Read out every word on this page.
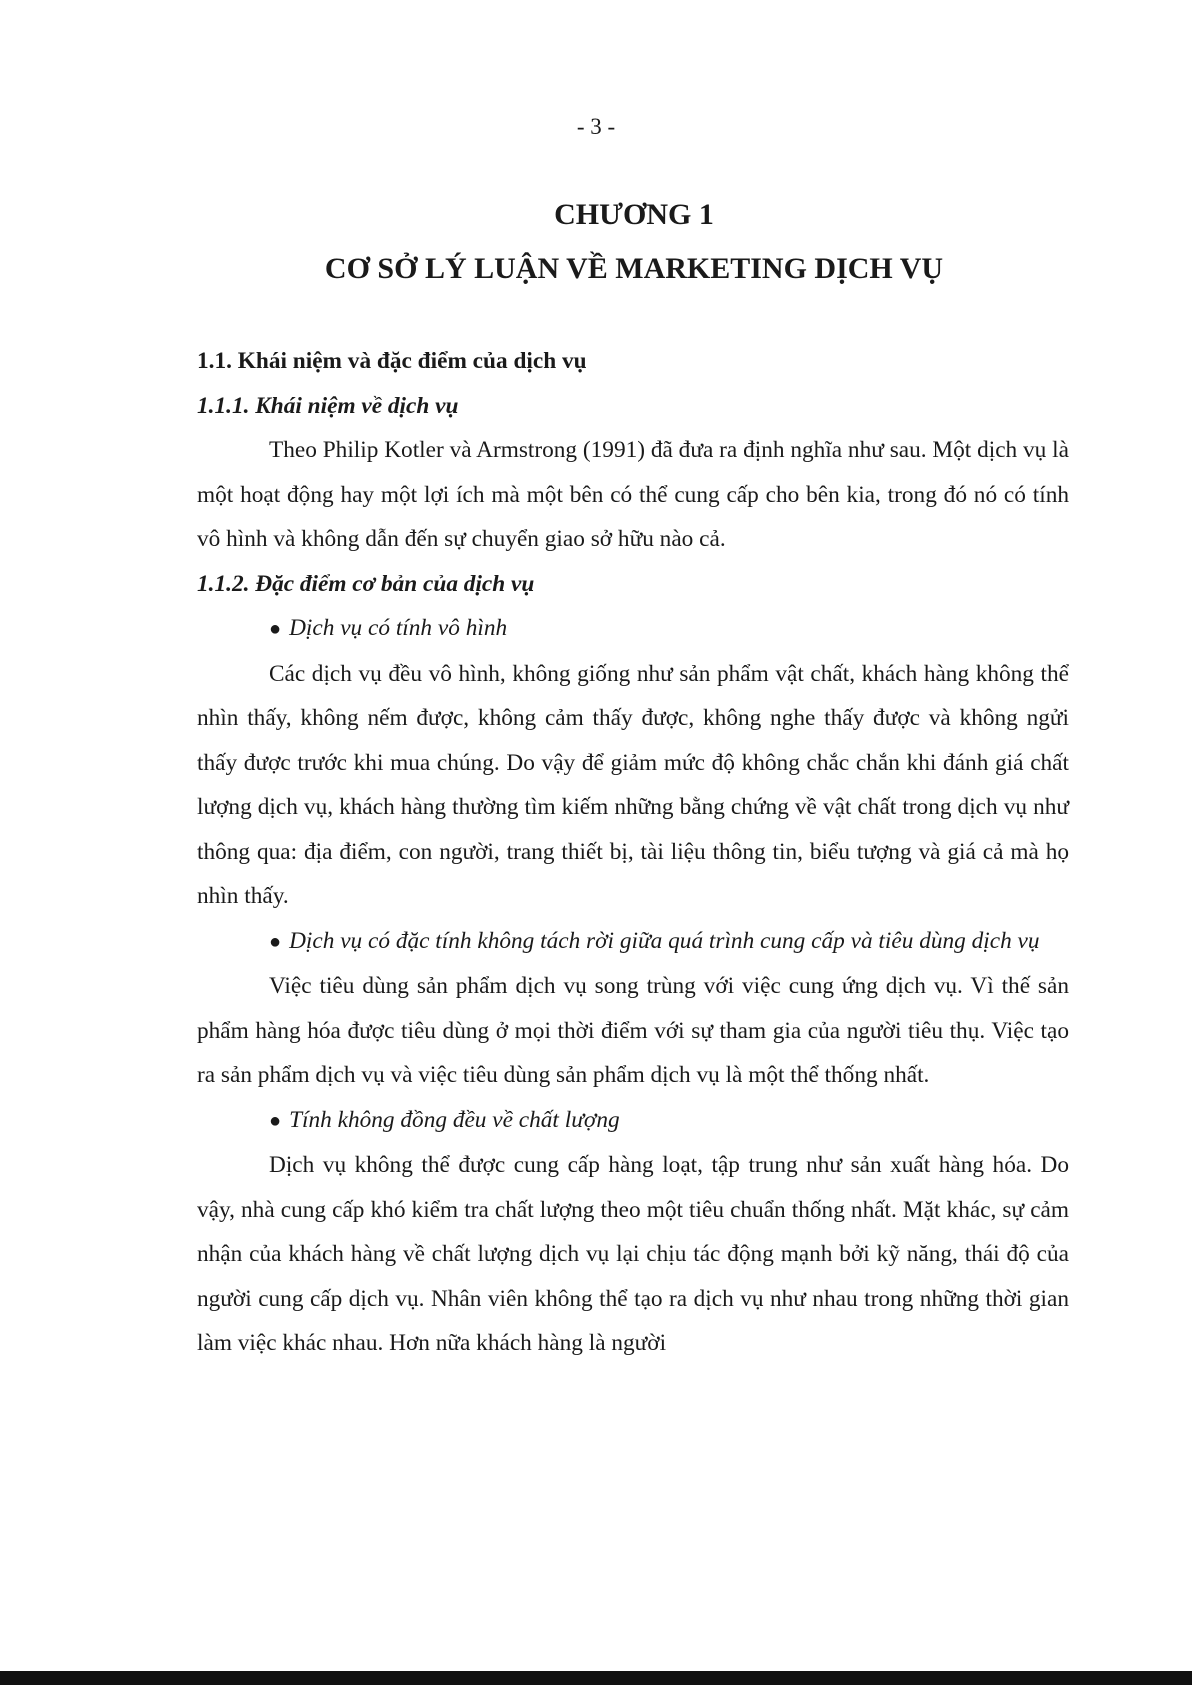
- 3 -
CHƯƠNG 1
CƠ SỞ LÝ LUẬN VỀ MARKETING DỊCH VỤ
1.1. Khái niệm và đặc điểm của dịch vụ
1.1.1. Khái niệm về dịch vụ

Theo Philip Kotler và Armstrong (1991) đã đưa ra định nghĩa như sau. Một dịch vụ là một hoạt động hay một lợi ích mà một bên có thể cung cấp cho bên kia, trong đó nó có tính vô hình và không dẫn đến sự chuyển giao sở hữu nào cả.

1.1.2. Đặc điểm cơ bản của dịch vụ
● Dịch vụ có tính vô hình

Các dịch vụ đều vô hình, không giống như sản phẩm vật chất, khách hàng không thể nhìn thấy, không nếm được, không cảm thấy được, không nghe thấy được và không ngửi thấy được trước khi mua chúng. Do vậy để giảm mức độ không chắc chắn khi đánh giá chất lượng dịch vụ, khách hàng thường tìm kiếm những bằng chứng về vật chất trong dịch vụ như thông qua: địa điểm, con người, trang thiết bị, tài liệu thông tin, biểu tượng và giá cả mà họ nhìn thấy.

● Dịch vụ có đặc tính không tách rời giữa quá trình cung cấp và tiêu dùng dịch vụ

Việc tiêu dùng sản phẩm dịch vụ song trùng với việc cung ứng dịch vụ. Vì thế sản phẩm hàng hóa được tiêu dùng ở mọi thời điểm với sự tham gia của người tiêu thụ. Việc tạo ra sản phẩm dịch vụ và việc tiêu dùng sản phẩm dịch vụ là một thể thống nhất.

● Tính không đồng đều về chất lượng

Dịch vụ không thể được cung cấp hàng loạt, tập trung như sản xuất hàng hóa. Do vậy, nhà cung cấp khó kiểm tra chất lượng theo một tiêu chuẩn thống nhất. Mặt khác, sự cảm nhận của khách hàng về chất lượng dịch vụ lại chịu tác động mạnh bởi kỹ năng, thái độ của người cung cấp dịch vụ. Nhân viên không thể tạo ra dịch vụ như nhau trong những thời gian làm việc khác nhau. Hơn nữa khách hàng là người
